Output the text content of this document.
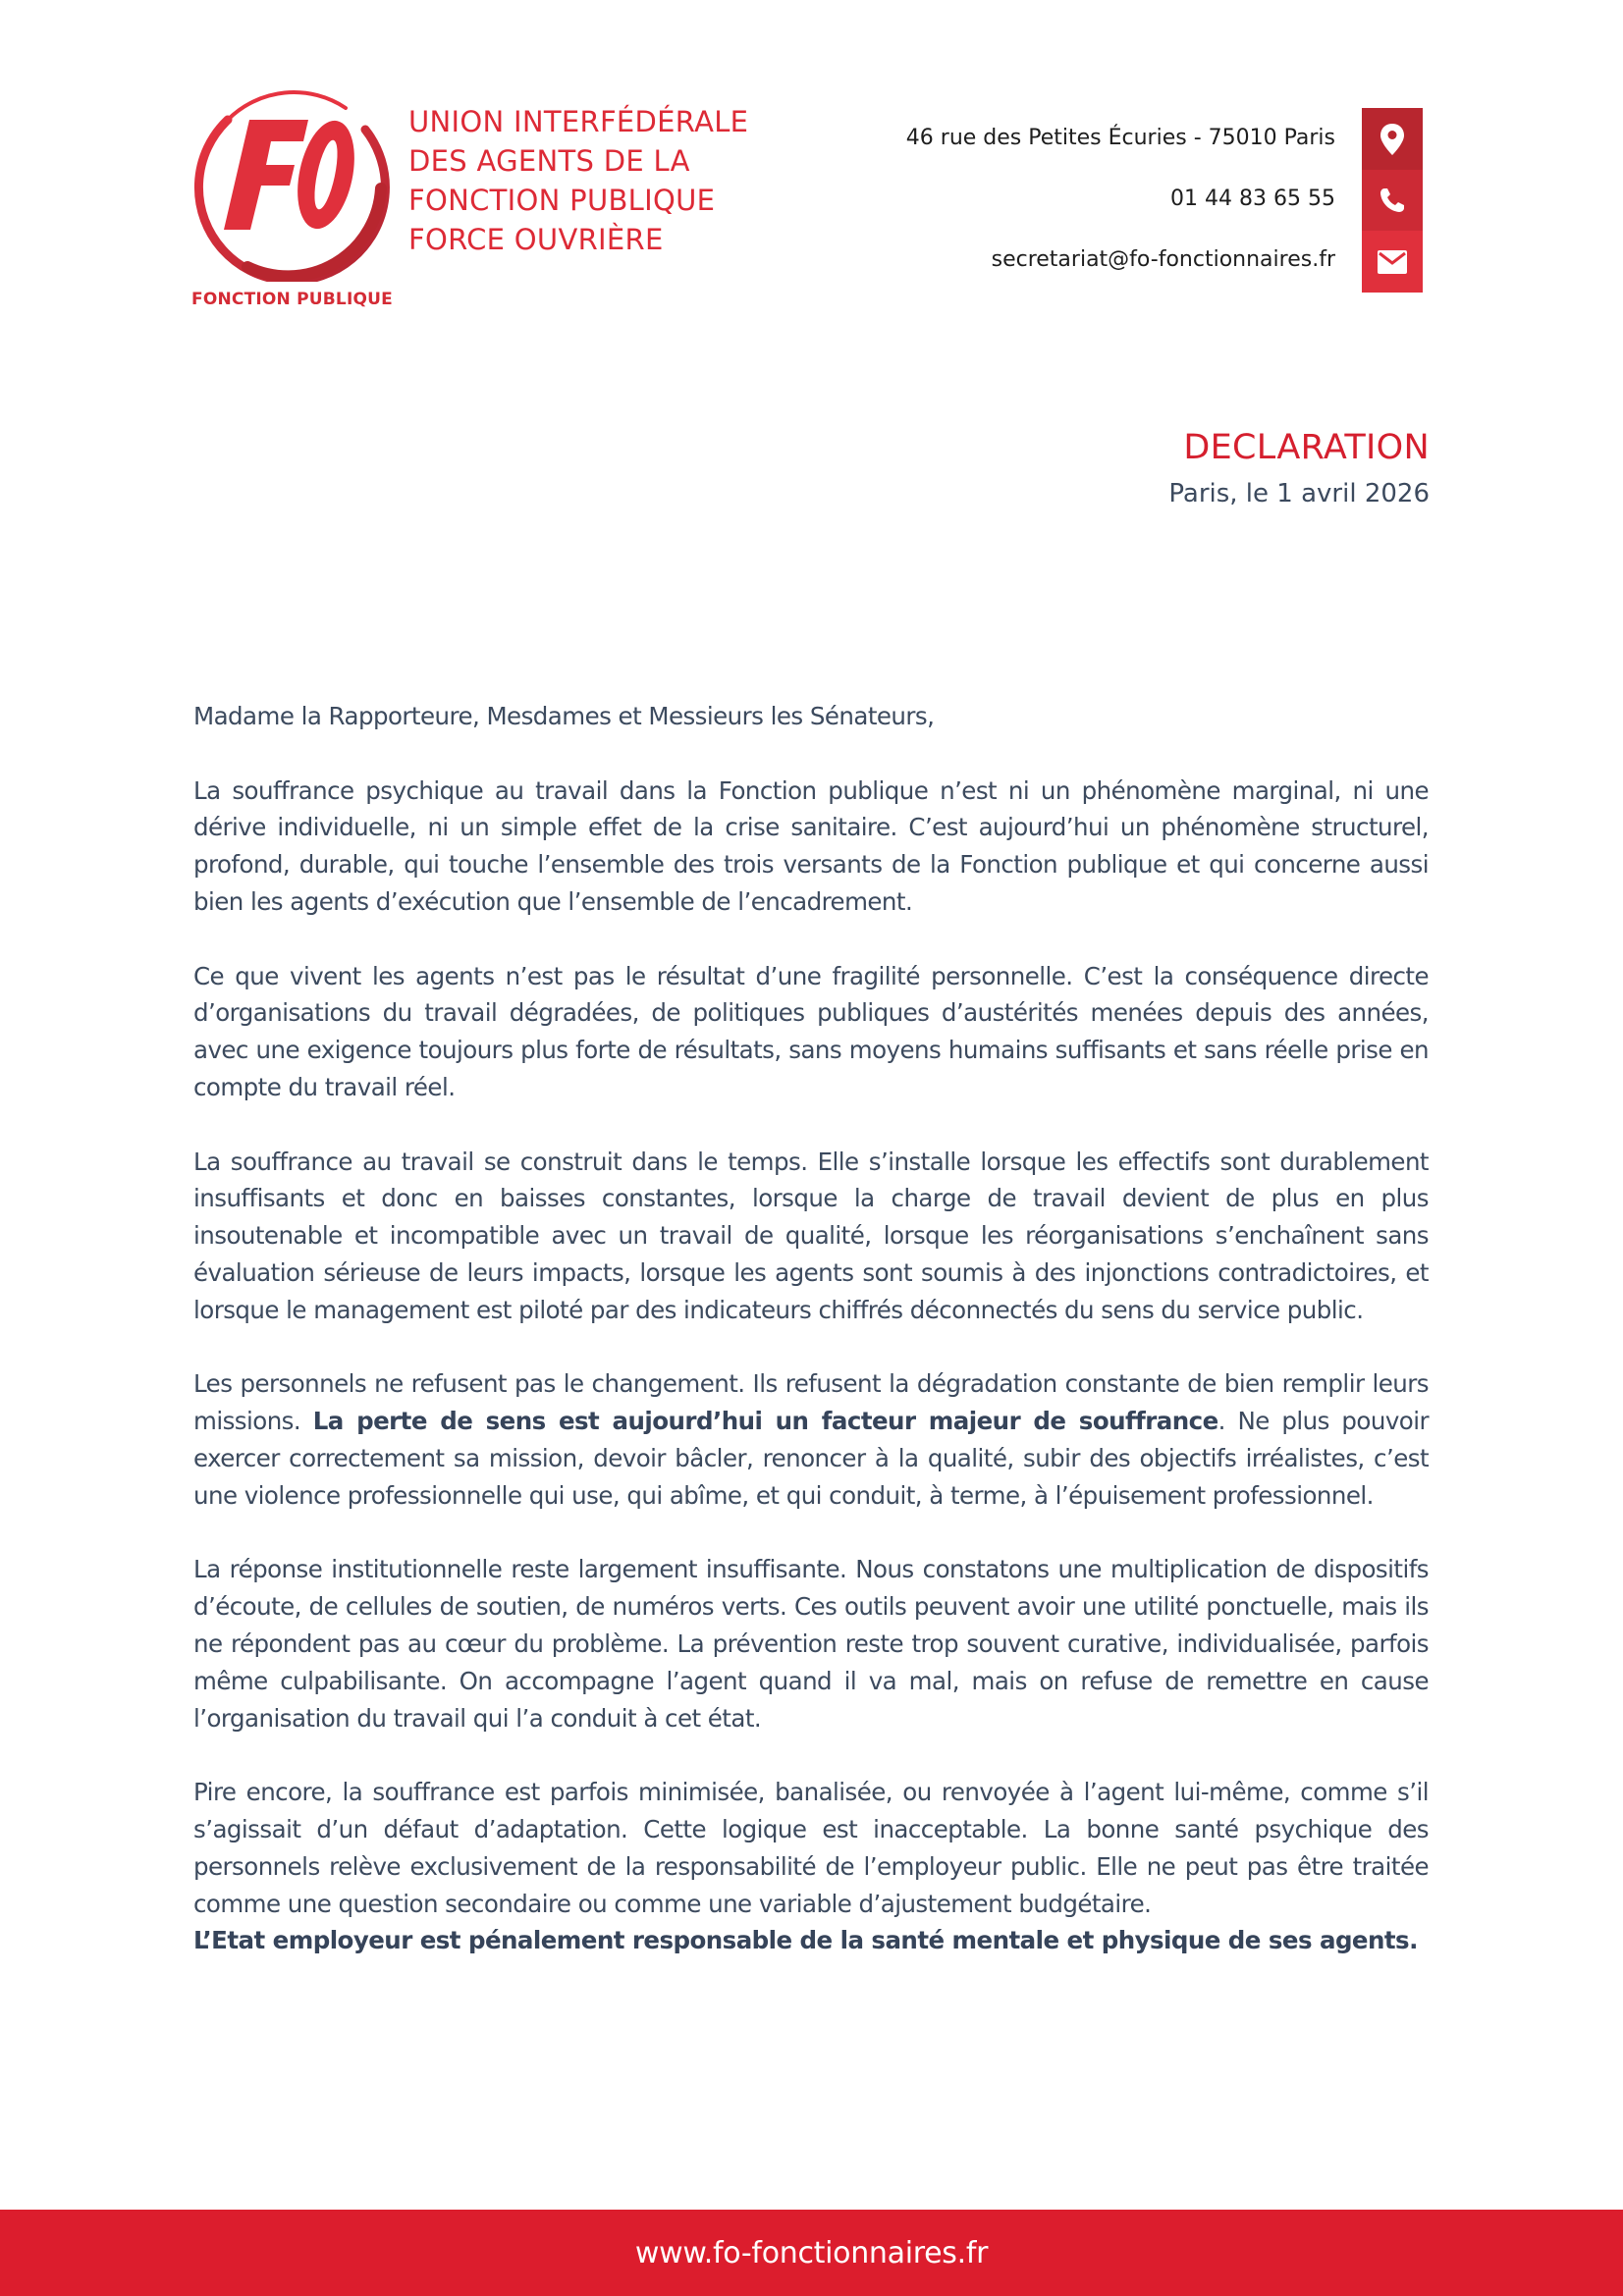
FONCTION PUBLIQUE
UNION INTERFÉDÉRALE
DES AGENTS DE LA
FONCTION PUBLIQUE
FORCE OUVRIÈRE
46 rue des Petites Écuries - 75010 Paris
01 44 83 65 55
secretariat@fo-fonctionnaires.fr
DECLARATION
Paris, le 1 avril 2026

Madame la Rapporteure, Mesdames et Messieurs les Sénateurs,

La souffrance psychique au travail dans la Fonction publique n’est ni un phénomène marginal, ni une dérive individuelle, ni un simple effet de la crise sanitaire. C’est aujourd’hui un phénomène structurel, profond, durable, qui touche l’ensemble des trois versants de la Fonction publique et qui concerne aussi bien les agents d’exécution que l’ensemble de l’encadrement.

Ce que vivent les agents n’est pas le résultat d’une fragilité personnelle. C’est la conséquence directe d’organisations du travail dégradées, de politiques publiques d’austérités menées depuis des années, avec une exigence toujours plus forte de résultats, sans moyens humains suffisants et sans réelle prise en compte du travail réel.

La souffrance au travail se construit dans le temps. Elle s’installe lorsque les effectifs sont durablement insuffisants et donc en baisses constantes, lorsque la charge de travail devient de plus en plus insoutenable et incompatible avec un travail de qualité, lorsque les réorganisations s’enchaînent sans évaluation sérieuse de leurs impacts, lorsque les agents sont soumis à des injonctions contradictoires, et lorsque le management est piloté par des indicateurs chiffrés déconnectés du sens du service public.

Les personnels ne refusent pas le changement. Ils refusent la dégradation constante de bien remplir leurs missions. La perte de sens est aujourd’hui un facteur majeur de souffrance. Ne plus pouvoir exercer correctement sa mission, devoir bâcler, renoncer à la qualité, subir des objectifs irréalistes, c’est une violence professionnelle qui use, qui abîme, et qui conduit, à terme, à l’épuisement professionnel.

La réponse institutionnelle reste largement insuffisante. Nous constatons une multiplication de dispositifs d’écoute, de cellules de soutien, de numéros verts. Ces outils peuvent avoir une utilité ponctuelle, mais ils ne répondent pas au cœur du problème. La prévention reste trop souvent curative, individualisée, parfois même culpabilisante. On accompagne l’agent quand il va mal, mais on refuse de remettre en cause l’organisation du travail qui l’a conduit à cet état.

Pire encore, la souffrance est parfois minimisée, banalisée, ou renvoyée à l’agent lui-même, comme s’il s’agissait d’un défaut d’adaptation. Cette logique est inacceptable. La bonne santé psychique des personnels relève exclusivement de la responsabilité de l’employeur public. Elle ne peut pas être traitée comme une question secondaire ou comme une variable d’ajustement budgétaire.

L’Etat employeur est pénalement responsable de la santé mentale et physique de ses agents.
www.fo-fonctionnaires.fr
